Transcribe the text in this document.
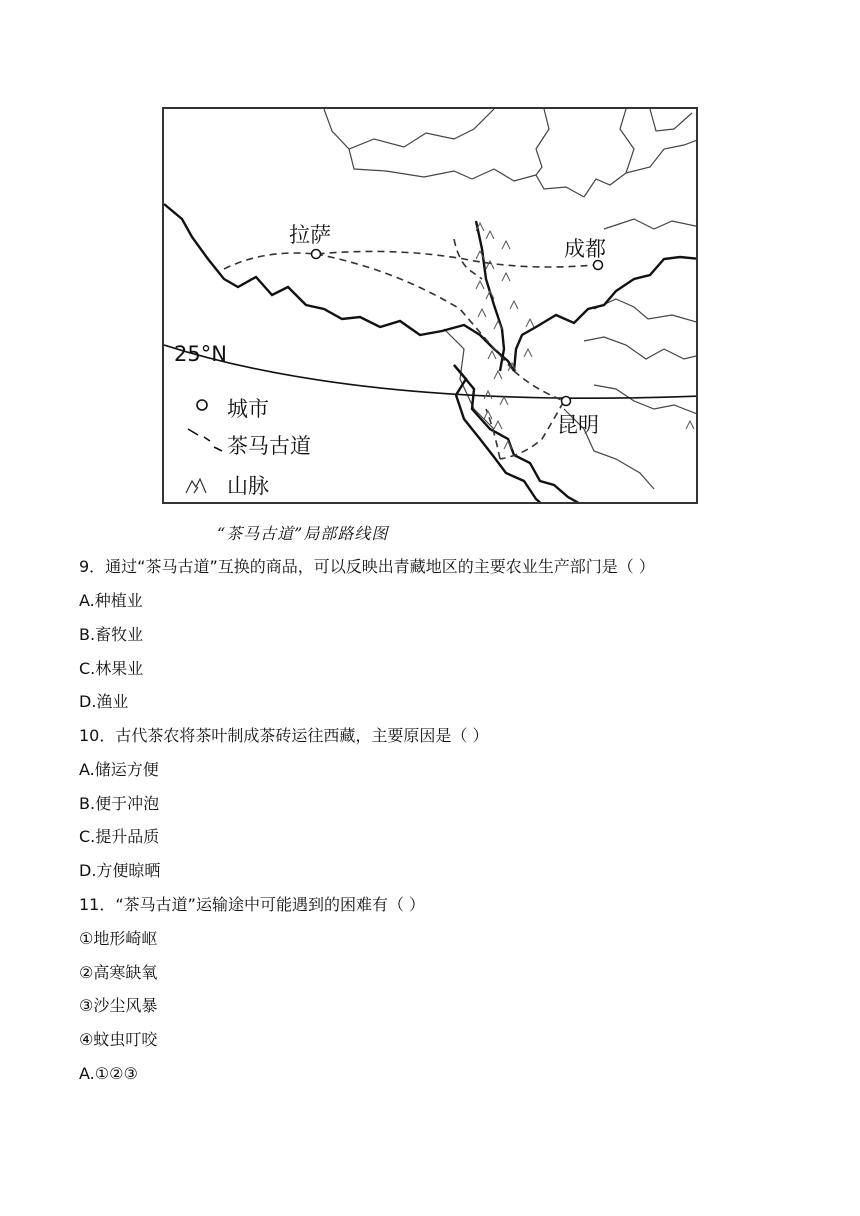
拉萨
成都
昆明
25°N
城市
茶马古道
山脉
“茶马古道”局部路线图
9．通过“茶马古道”互换的商品，可以反映出青藏地区的主要农业生产部门是（ ）
A.种植业
B.畜牧业
C.林果业
D.渔业
10．古代茶农将茶叶制成茶砖运往西藏，主要原因是（ ）
A.储运方便
B.便于冲泡
C.提升品质
D.方便晾晒
11．“茶马古道”运输途中可能遇到的困难有（ ）
①地形崎岖
②高寒缺氧
③沙尘风暴
④蚊虫叮咬
A.①②③
